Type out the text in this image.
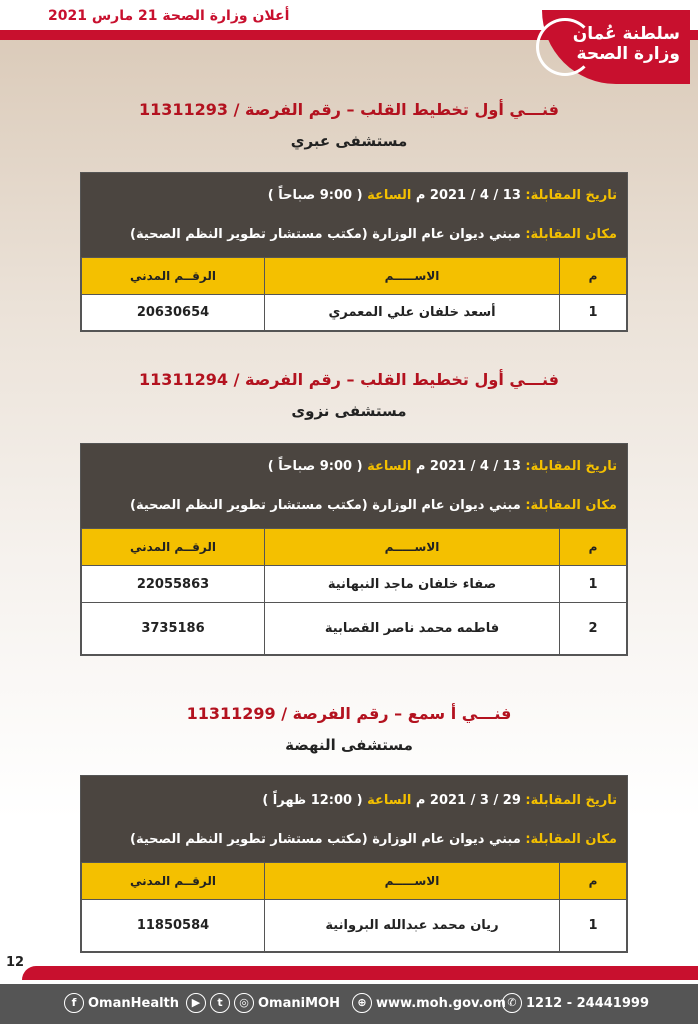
أعلان وزارة الصحة 21 مارس 2021
سلطنة عُمان
وزارة الصحة
فنـــي أول تخطيط القلب – رقم الفرصة / 11311293
مستشفى عبري
تاريخ المقابلة: 13 / 4 / 2021 م الساعة ( 9:00 صباحاً )
مكان المقابلة: مبني ديوان عام الوزارة (مكتب مستشار تطوير النظم الصحية)
م	الاســـــم	الرقــم المدني
1	أسعد خلفان علي المعمري	20630654
فنـــي أول تخطيط القلب – رقم الفرصة / 11311294
مستشفى نزوى
تاريخ المقابلة: 13 / 4 / 2021 م الساعة ( 9:00 صباحاً )
مكان المقابلة: مبني ديوان عام الوزارة (مكتب مستشار تطوير النظم الصحية)
م	الاســـــم	الرقــم المدني
1	صفاء خلفان ماجد النبهانية	22055863
2	فاطمه محمد ناصر القصابية	3735186
فنـــي أ سمع – رقم الفرصة / 11311299
مستشفى النهضة
تاريخ المقابلة: 29 / 3 / 2021 م الساعة ( 12:00 ظهراً )
مكان المقابلة: مبني ديوان عام الوزارة (مكتب مستشار تطوير النظم الصحية)
م	الاســـــم	الرقــم المدني
1	ريان محمد عبدالله البروانية	11850584
12
f OmanHealth	▶	t	◎ OmaniMOH	⊕ www.moh.gov.om ✆ 1212 - 24441999
